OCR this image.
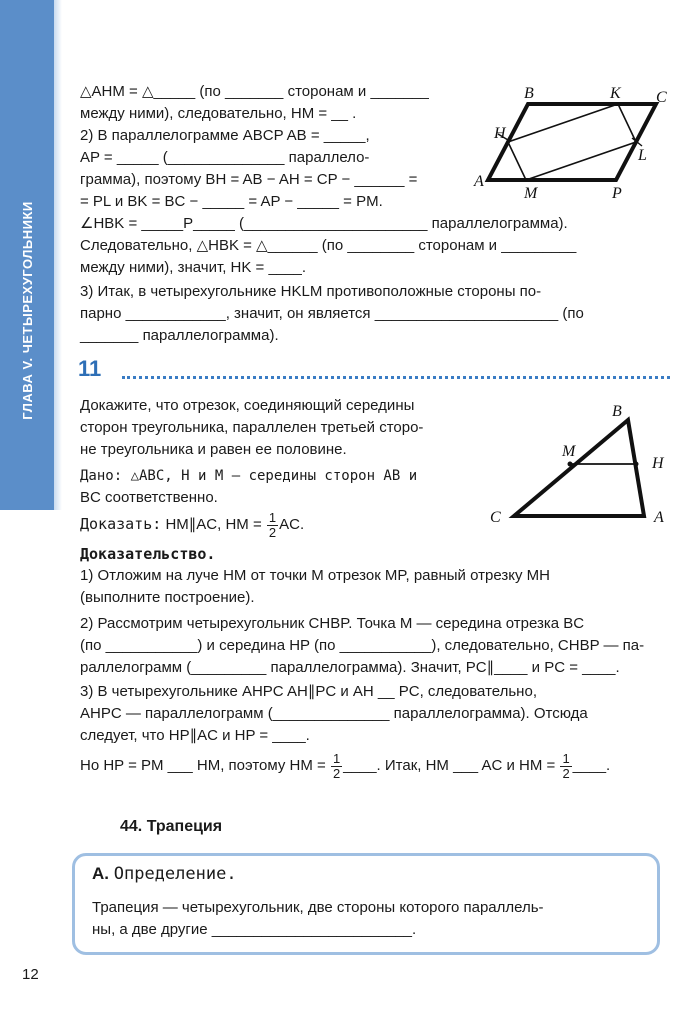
ГЛАВА V. ЧЕТЫРЕХУГОЛЬНИКИ
△AHM = △_____ (по _______ сторонам и _______
между ними), следовательно, HM = __ .
2) В параллелограмме ABCP AB = _____,
AP = _____ (______________ параллело-
грамма), поэтому BH = AB − AH = CP − ______ =
= PL и BK = BC − _____ = AP − _____ = PM.
∠HBK = _____P_____ (______________________ параллелограмма).
Следовательно, △HBK = △______ (по ________ сторонам и _________
между ними), значит, HK = ____.
3) Итак, в четырехугольнике HKLM противоположные стороны по-
парно ____________, значит, он является ______________________ (по
_______ параллелограмма).
B	K C
H
L
A
M	P
11
Докажите, что отрезок, соединяющий середины
сторон треугольника, параллелен третьей сторо-
не треугольника и равен ее половине.
Дано: △ABC, H и M — середины сторон AB и
BC соответственно.
Доказать: HM∥AC, HM = $\frac{1}{2}$ AC.
Доказательство.
1) Отложим на луче HM от точки M отрезок MP, равный отрезку MH
(выполните построение).
2) Рассмотрим четырехугольник CHBP. Точка M — середина отрезка BC
(по ___________) и середина HP (по ___________), следовательно, CHBP — па-
раллелограмм (_________ параллелограмма). Значит, PC∥____ и PC = ____.
3) В четырехугольнике AHPC AH∥PC и AH __ PC, следовательно,
AHPC — параллелограмм (______________ параллелограмма). Отсюда
следует, что HP∥AC и HP = ____.
Но HP = PM ___ HM, поэтому HM = $\frac{1}{2}$ ____. Итак, HM ___ AC и HM = $\frac{1}{2}$ ____.
B
M
H
C	A
44. Трапеция
А. Определение.
Трапеция — четырехугольник, две стороны которого параллель-
ны, а две другие ________________________.
12
